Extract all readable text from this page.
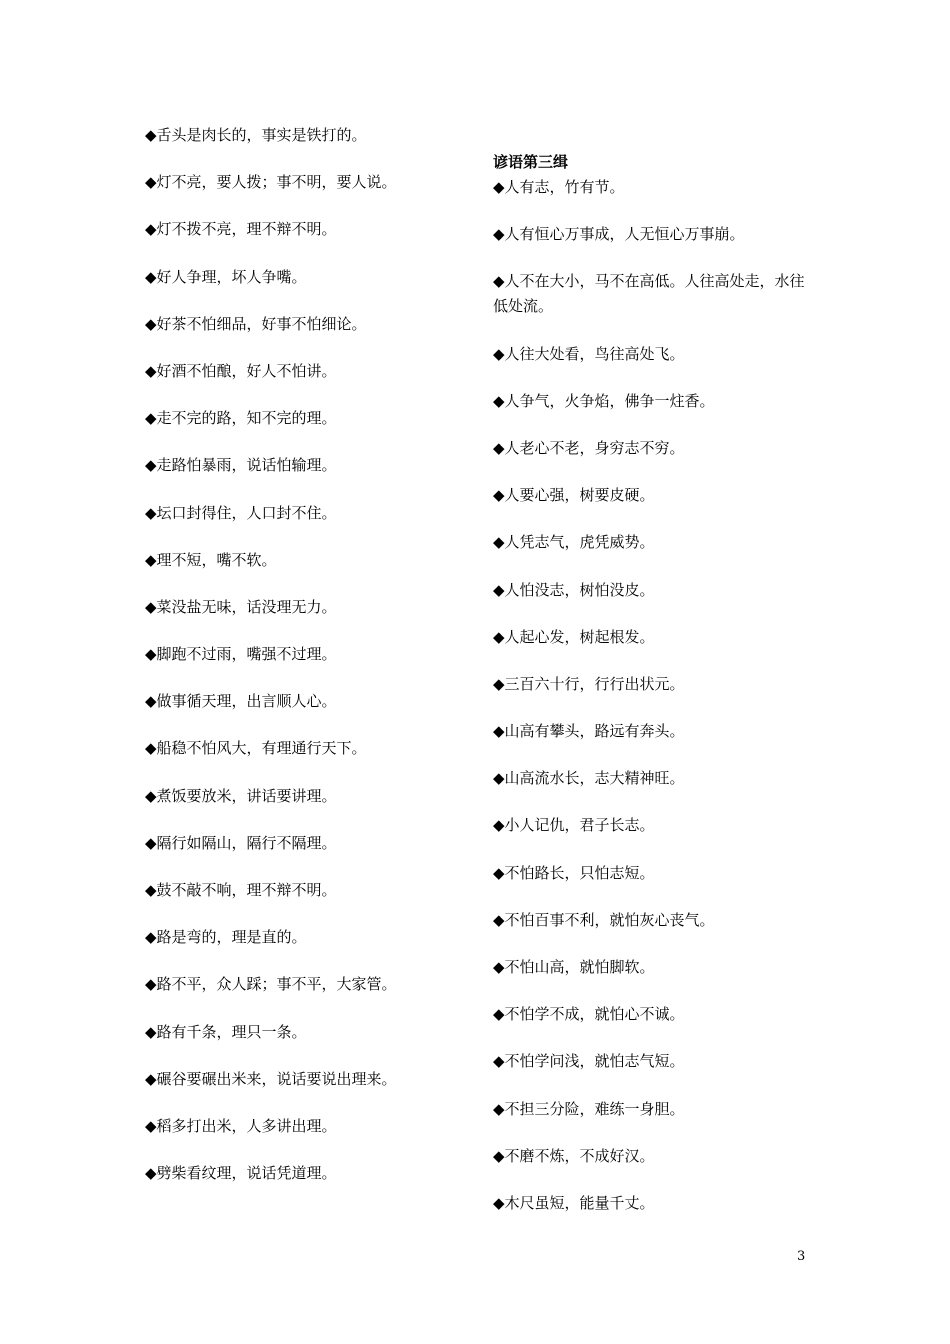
◆舌头是肉长的，事实是铁打的。
◆灯不亮，要人拨；事不明，要人说。
◆灯不拨不亮，理不辩不明。
◆好人争理，坏人争嘴。
◆好茶不怕细品，好事不怕细论。
◆好酒不怕酿，好人不怕讲。
◆走不完的路，知不完的理。
◆走路怕暴雨，说话怕输理。
◆坛口封得住，人口封不住。
◆理不短，嘴不软。
◆菜没盐无味，话没理无力。
◆脚跑不过雨，嘴强不过理。
◆做事循天理，出言顺人心。
◆船稳不怕风大，有理通行天下。
◆煮饭要放米，讲话要讲理。
◆隔行如隔山，隔行不隔理。
◆鼓不敲不响，理不辩不明。
◆路是弯的，理是直的。
◆路不平，众人踩；事不平，大家管。
◆路有千条，理只一条。
◆碾谷要碾出米来，说话要说出理来。
◆稻多打出米，人多讲出理。
◆劈柴看纹理，说话凭道理。
谚语第三缉
◆人有志，竹有节。
◆人有恒心万事成，人无恒心万事崩。
◆人不在大小，马不在高低。人往高处走，水往低处流。
◆人往大处看，鸟往高处飞。
◆人争气，火争焰，佛争一炷香。
◆人老心不老，身穷志不穷。
◆人要心强，树要皮硬。
◆人凭志气，虎凭威势。
◆人怕没志，树怕没皮。
◆人起心发，树起根发。
◆三百六十行，行行出状元。
◆山高有攀头，路远有奔头。
◆山高流水长，志大精神旺。
◆小人记仇，君子长志。
◆不怕路长，只怕志短。
◆不怕百事不利，就怕灰心丧气。
◆不怕山高，就怕脚软。
◆不怕学不成，就怕心不诚。
◆不怕学问浅，就怕志气短。
◆不担三分险，难练一身胆。
◆不磨不炼，不成好汉。
◆木尺虽短，能量千丈。
3
